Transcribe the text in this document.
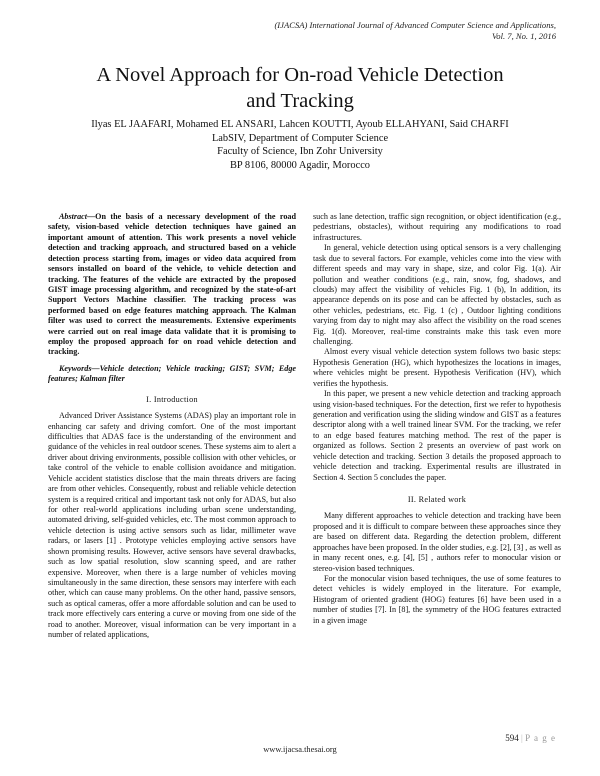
(IJACSA) International Journal of Advanced Computer Science and Applications,
Vol. 7, No. 1, 2016
A Novel Approach for On-road Vehicle Detection
and Tracking
Ilyas EL JAAFARI, Mohamed EL ANSARI, Lahcen KOUTTI, Ayoub ELLAHYANI, Said CHARFI
LabSIV, Department of Computer Science
Faculty of Science, Ibn Zohr University
BP 8106, 80000 Agadir, Morocco

Abstract—On the basis of a necessary development of the road safety, vision-based vehicle detection techniques have gained an important amount of attention. This work presents a novel vehicle detection and tracking approach, and structured based on a vehicle detection process starting from, images or video data acquired from sensors installed on board of the vehicle, to vehicle detection and tracking. The features of the vehicle are extracted by the proposed GIST image processing algorithm, and recognized by the state-of-art Support Vectors Machine classifier. The tracking process was performed based on edge features matching approach. The Kalman filter was used to correct the measurements. Extensive experiments were carried out on real image data validate that it is promising to employ the proposed approach for on road vehicle detection and tracking.

Keywords—Vehicle detection; Vehicle tracking; GIST; SVM; Edge features; Kalman filter

I. Introduction

Advanced Driver Assistance Systems (ADAS) play an important role in enhancing car safety and driving comfort. One of the most important difficulties that ADAS face is the understanding of the environment and guidance of the vehicles in real outdoor scenes. These systems aim to alert a driver about driving environments, possible collision with other vehicles, or take control of the vehicle to enable collision avoidance and mitigation. Vehicle accident statistics disclose that the main threats drivers are facing are from other vehicles. Consequently, robust and reliable vehicle detection system is a required critical and important task not only for ADAS, but also for other real-world applications including urban scene understanding, automated driving, self-guided vehicles, etc. The most common approach to vehicle detection is using active sensors such as lidar, millimeter wave radars, or lasers [1] . Prototype vehicles employing active sensors have shown promising results. However, active sensors have several drawbacks, such as low spatial resolution, slow scanning speed, and are rather expensive. Moreover, when there is a large number of vehicles moving simultaneously in the same direction, these sensors may interfere with each other, which can cause many problems. On the other hand, passive sensors, such as optical cameras, offer a more affordable solution and can be used to track more effectively cars entering a curve or moving from one side of the road to another. Moreover, visual information can be very important in a number of related applications,

such as lane detection, traffic sign recognition, or object identification (e.g., pedestrians, obstacles), without requiring any modifications to road infrastructures.

In general, vehicle detection using optical sensors is a very challenging task due to several factors. For example, vehicles come into the view with different speeds and may vary in shape, size, and color Fig. 1(a). Air pollution and weather conditions (e.g., rain, snow, fog, shadows, and clouds) may affect the visibility of vehicles Fig. 1 (b), In addition, its appearance depends on its pose and can be affected by obstacles, such as other vehicles, pedestrians, etc. Fig. 1 (c) , Outdoor lighting conditions varying from day to night may also affect the visibility on the road scenes Fig. 1(d). Moreover, real-time constraints make this task even more challenging.

Almost every visual vehicle detection system follows two basic steps: Hypothesis Generation (HG), which hypothesizes the locations in images, where vehicles might be present. Hypothesis Verification (HV), which verifies the hypothesis.

In this paper, we present a new vehicle detection and tracking approach using vision-based techniques. For the detection, first we refer to hypothesis generation and verification using the sliding window and GIST as a features descriptor along with a well trained linear SVM. For the tracking, we refer to an edge based features matching method. The rest of the paper is organized as follows. Section 2 presents an overview of past work on vehicle detection and tracking. Section 3 details the proposed approach to vehicle detection and tracking. Experimental results are illustrated in Section 4. Section 5 concludes the paper.

II. Related work

Many different approaches to vehicle detection and tracking have been proposed and it is difficult to compare between these approaches since they are based on different data. Regarding the detection problem, different approaches have been proposed. In the older studies, e.g. [2], [3] , as well as in many recent ones, e.g. [4], [5] , authors refer to monocular vision or stereo-vision based techniques.

For the monocular vision based techniques, the use of some features to detect vehicles is widely employed in the literature. For example, Histogram of oriented gradient (HOG) features [6] have been used in a number of studies [7]. In [8], the symmetry of the HOG features extracted in a given image

594 | P a g e
www.ijacsa.thesai.org
